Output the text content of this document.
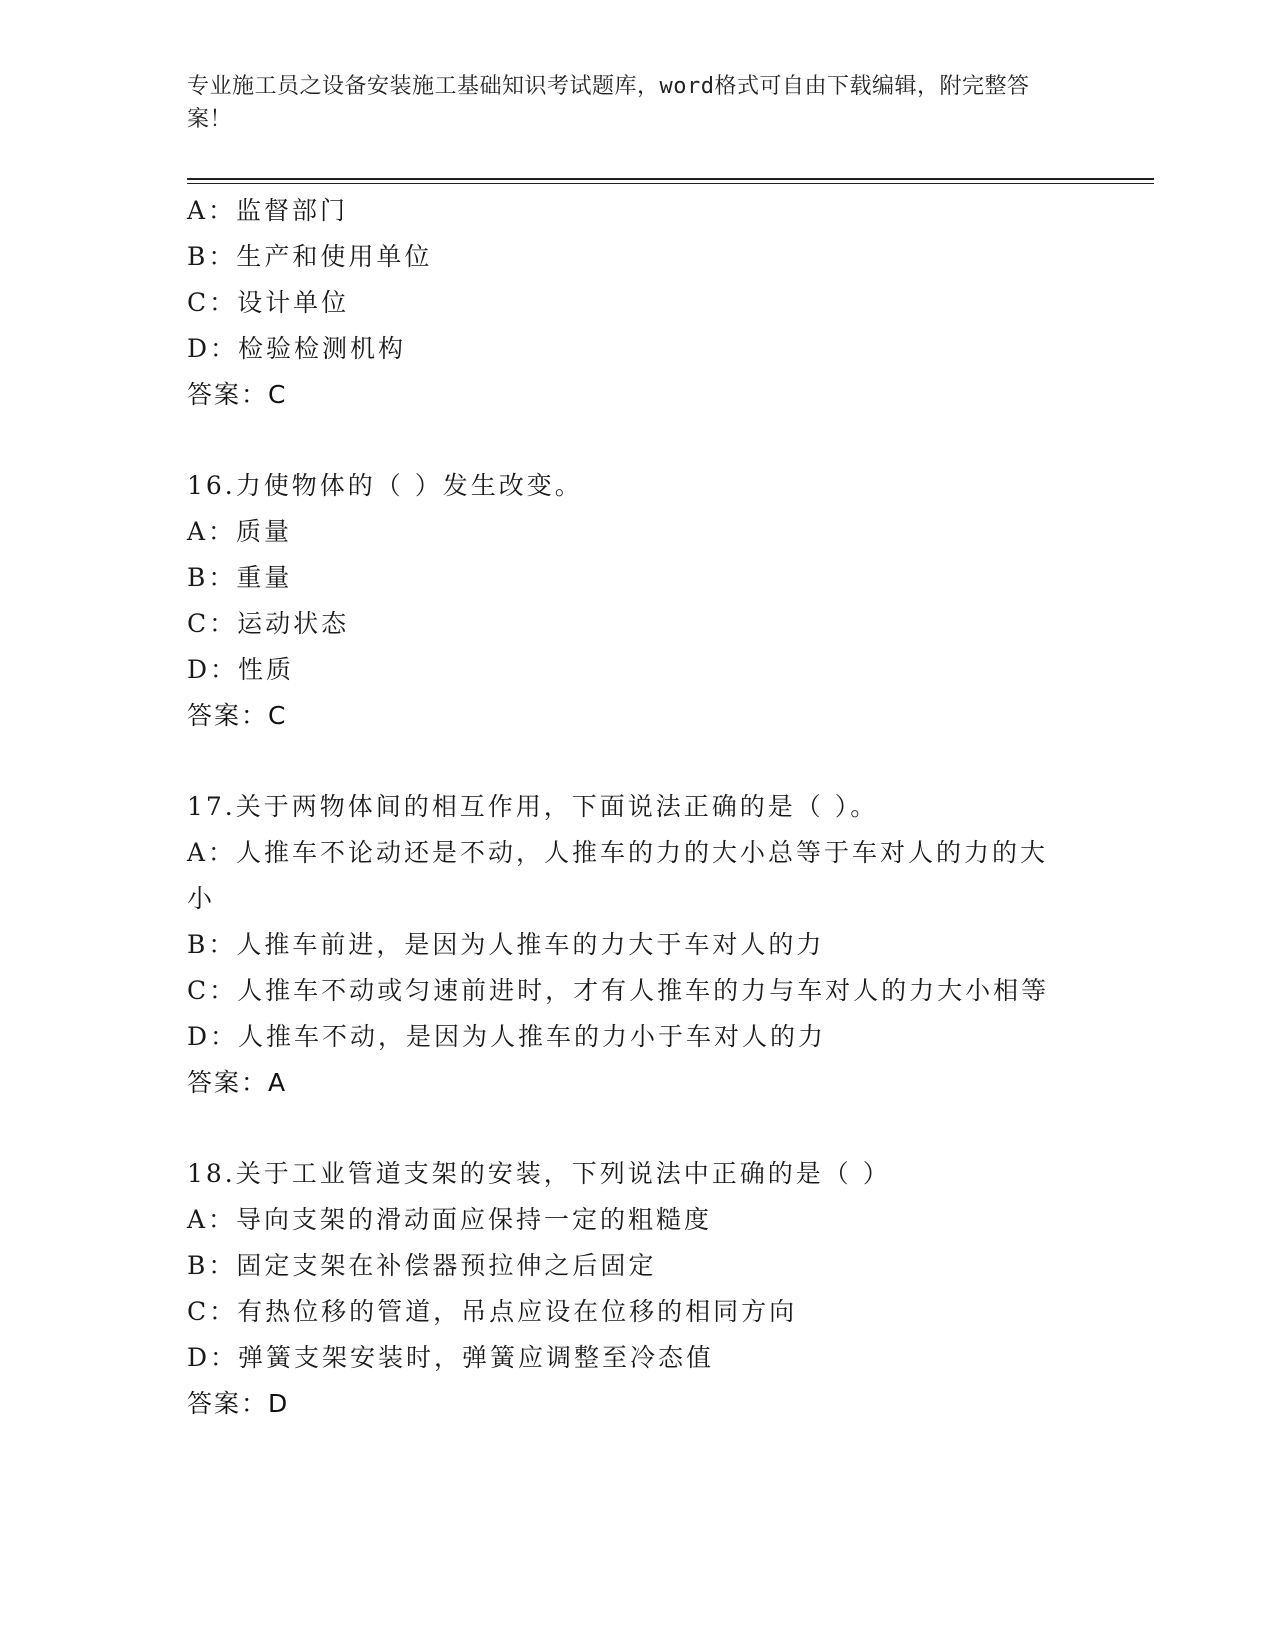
专业施工员之设备安装施工基础知识考试题库，word格式可自由下载编辑，附完整答案！
A：监督部门
B：生产和使用单位
C：设计单位
D：检验检测机构
答案：C
16.力使物体的（ ）发生改变。
A：质量
B：重量
C：运动状态
D：性质
答案：C
17.关于两物体间的相互作用，下面说法正确的是（ ）。
A：人推车不论动还是不动，人推车的力的大小总等于车对人的力的大小
B：人推车前进，是因为人推车的力大于车对人的力
C：人推车不动或匀速前进时，才有人推车的力与车对人的力大小相等
D：人推车不动，是因为人推车的力小于车对人的力
答案：A
18.关于工业管道支架的安装，下列说法中正确的是（ ）
A：导向支架的滑动面应保持一定的粗糙度
B：固定支架在补偿器预拉伸之后固定
C：有热位移的管道，吊点应设在位移的相同方向
D：弹簧支架安装时，弹簧应调整至冷态值
答案：D
